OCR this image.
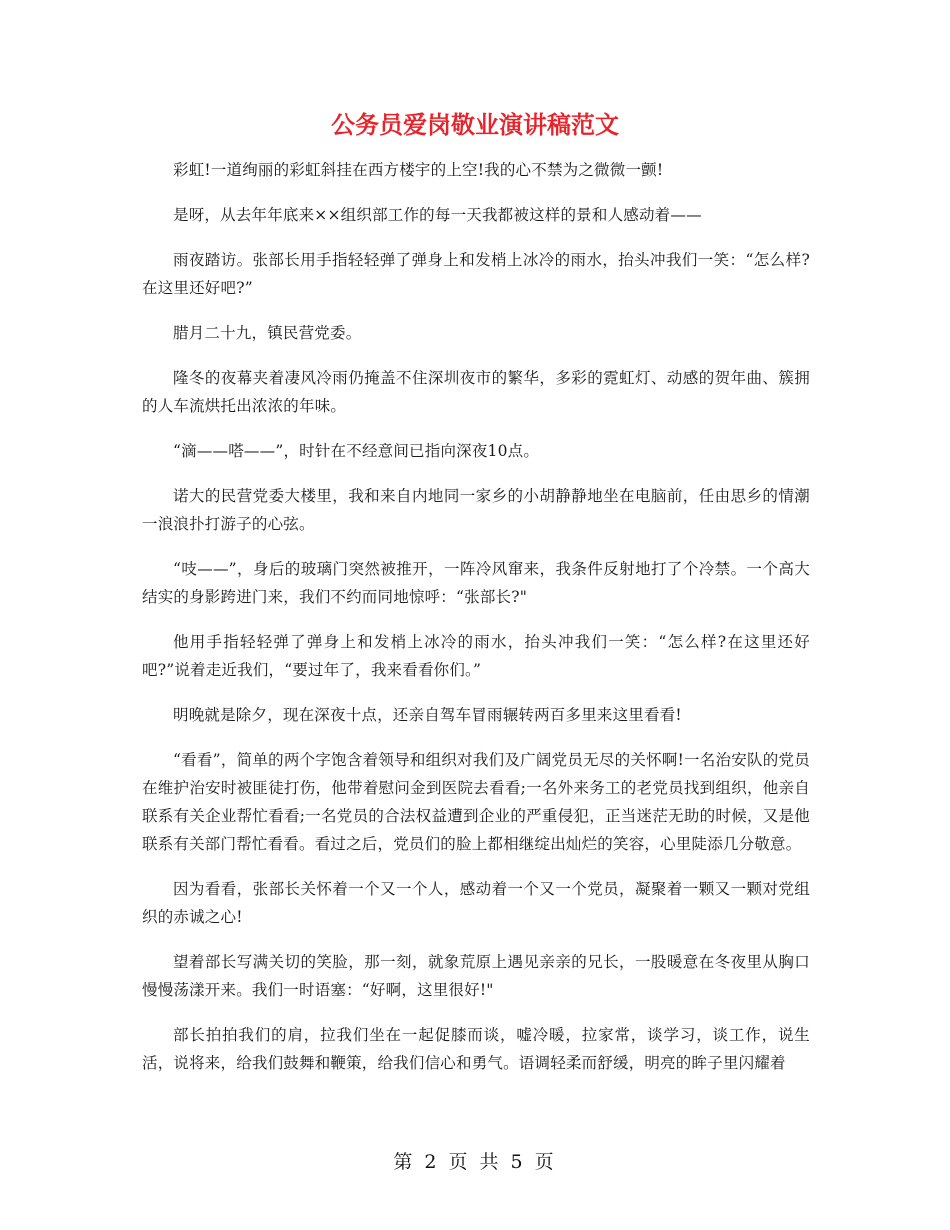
公务员爱岗敬业演讲稿范文

彩虹!一道绚丽的彩虹斜挂在西方楼宇的上空!我的心不禁为之微微一颤!

是呀，从去年年底来××组织部工作的每一天我都被这样的景和人感动着——

雨夜踏访。张部长用手指轻轻弹了弹身上和发梢上冰冷的雨水，抬头冲我们一笑：“怎么样?在这里还好吧?”

腊月二十九，镇民营党委。

隆冬的夜幕夹着凄风冷雨仍掩盖不住深圳夜市的繁华，多彩的霓虹灯、动感的贺年曲、簇拥的人车流烘托出浓浓的年味。

“滴——嗒——”，时针在不经意间已指向深夜10点。

诺大的民营党委大楼里，我和来自内地同一家乡的小胡静静地坐在电脑前，任由思乡的情潮一浪浪扑打游子的心弦。

“吱——”，身后的玻璃门突然被推开，一阵冷风窜来，我条件反射地打了个冷禁。一个高大结实的身影跨进门来，我们不约而同地惊呼：“张部长?"

他用手指轻轻弹了弹身上和发梢上冰冷的雨水，抬头冲我们一笑：“怎么样?在这里还好吧?”说着走近我们，“要过年了，我来看看你们。”

明晚就是除夕，现在深夜十点，还亲自驾车冒雨辗转两百多里来这里看看!

“看看”，简单的两个字饱含着领导和组织对我们及广阔党员无尽的关怀啊!一名治安队的党员在维护治安时被匪徒打伤，他带着慰问金到医院去看看;一名外来务工的老党员找到组织，他亲自联系有关企业帮忙看看;一名党员的合法权益遭到企业的严重侵犯，正当迷茫无助的时候，又是他联系有关部门帮忙看看。看过之后，党员们的脸上都相继绽出灿烂的笑容，心里陡添几分敬意。

因为看看，张部长关怀着一个又一个人，感动着一个又一个党员，凝聚着一颗又一颗对党组织的赤诚之心!

望着部长写满关切的笑脸，那一刻，就象荒原上遇见亲亲的兄长，一股暖意在冬夜里从胸口慢慢荡漾开来。我们一时语塞：“好啊，这里很好!"

部长拍拍我们的肩，拉我们坐在一起促膝而谈，嘘冷暖，拉家常，谈学习，谈工作，说生活，说将来，给我们鼓舞和鞭策，给我们信心和勇气。语调轻柔而舒缓，明亮的眸子里闪耀着

第 2 页 共 5 页
